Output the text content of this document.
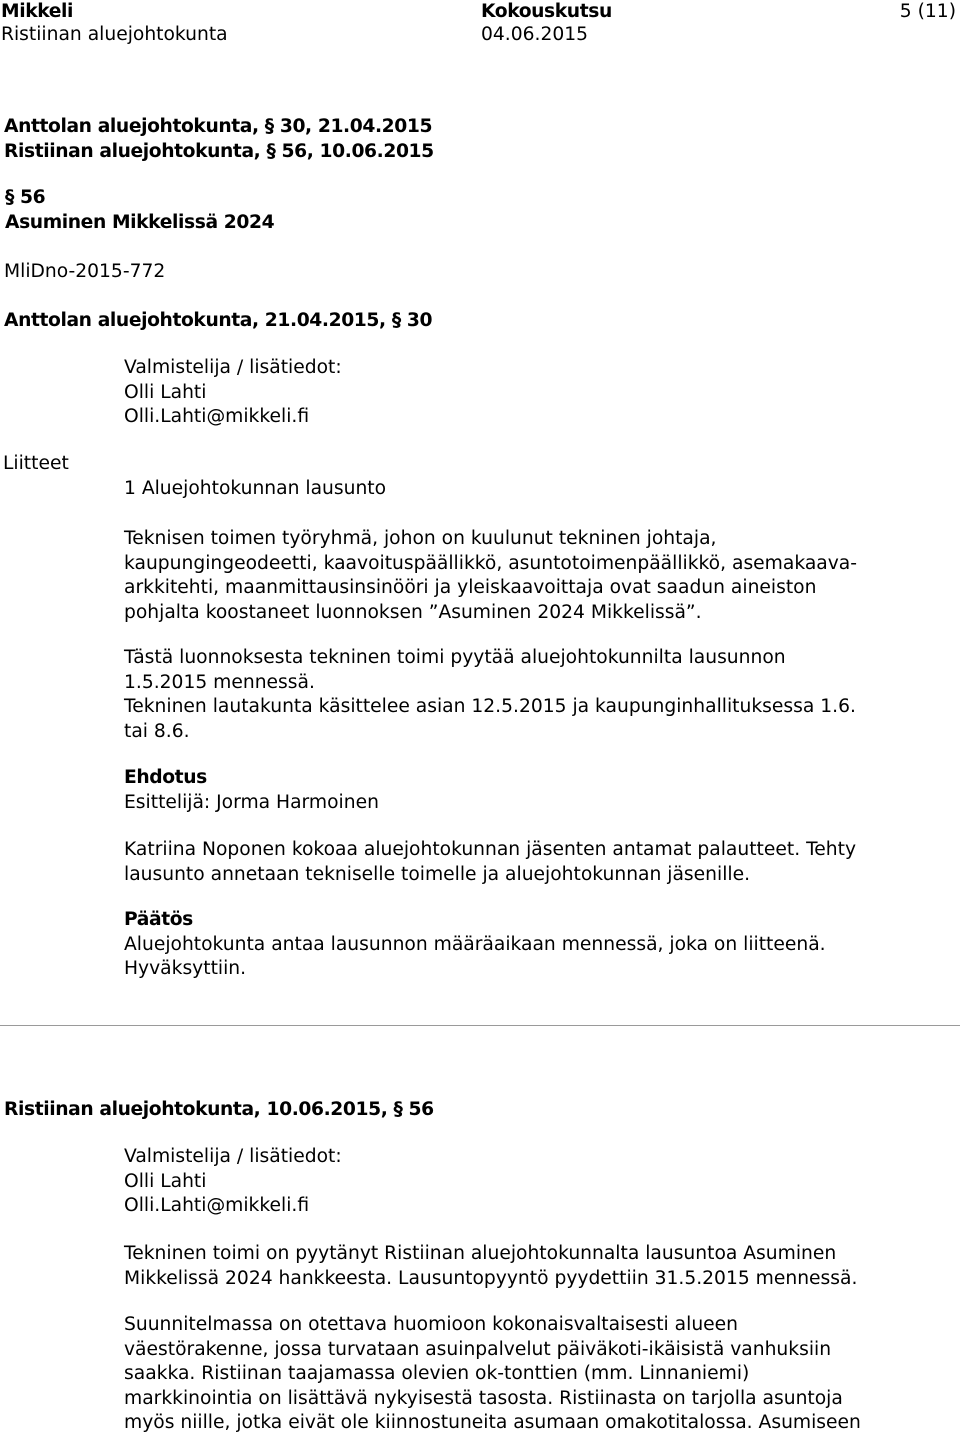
Mikkeli	Kokouskutsu	5 (11)
Ristiinan aluejohtokunta	04.06.2015
Anttolan aluejohtokunta, § 30, 21.04.2015
Ristiinan aluejohtokunta, § 56, 10.06.2015
§ 56
Asuminen Mikkelissä 2024
MliDno-2015-772
Anttolan aluejohtokunta, 21.04.2015, § 30
Valmistelija / lisätiedot:
Olli Lahti
Olli.Lahti@mikkeli.fi
Liitteet
1 Aluejohtokunnan lausunto
Teknisen toimen työryhmä, johon on kuulunut tekninen johtaja,
kaupungingeodeetti, kaavoituspäällikkö, asuntotoimenpäällikkö, asemakaava-
arkkitehti, maanmittausinsinööri ja yleiskaavoittaja ovat saadun aineiston
pohjalta koostaneet luonnoksen ”Asuminen 2024 Mikkelissä”.
Tästä luonnoksesta tekninen toimi pyytää aluejohtokunnilta lausunnon
1.5.2015 mennessä.
Tekninen lautakunta käsittelee asian 12.5.2015 ja kaupunginhallituksessa 1.6.
tai 8.6.
Ehdotus
Esittelijä: Jorma Harmoinen
Katriina Noponen kokoaa aluejohtokunnan jäsenten antamat palautteet. Tehty
lausunto annetaan tekniselle toimelle ja aluejohtokunnan jäsenille.
Päätös
Aluejohtokunta antaa lausunnon määräaikaan mennessä, joka on liitteenä.
Hyväksyttiin.
Ristiinan aluejohtokunta, 10.06.2015, § 56
Valmistelija / lisätiedot:
Olli Lahti
Olli.Lahti@mikkeli.fi
Tekninen toimi on pyytänyt Ristiinan aluejohtokunnalta lausuntoa Asuminen
Mikkelissä 2024 hankkeesta. Lausuntopyyntö pyydettiin 31.5.2015 mennessä.
Suunnitelmassa on otettava huomioon kokonaisvaltaisesti alueen
väestörakenne, jossa turvataan asuinpalvelut päiväkoti-ikäisistä vanhuksiin
saakka. Ristiinan taajamassa olevien ok-tonttien (mm. Linnaniemi)
markkinointia on lisättävä nykyisestä tasosta. Ristiinasta on tarjolla asuntoja
myös niille, jotka eivät ole kiinnostuneita asumaan omakotitalossa. Asumiseen
